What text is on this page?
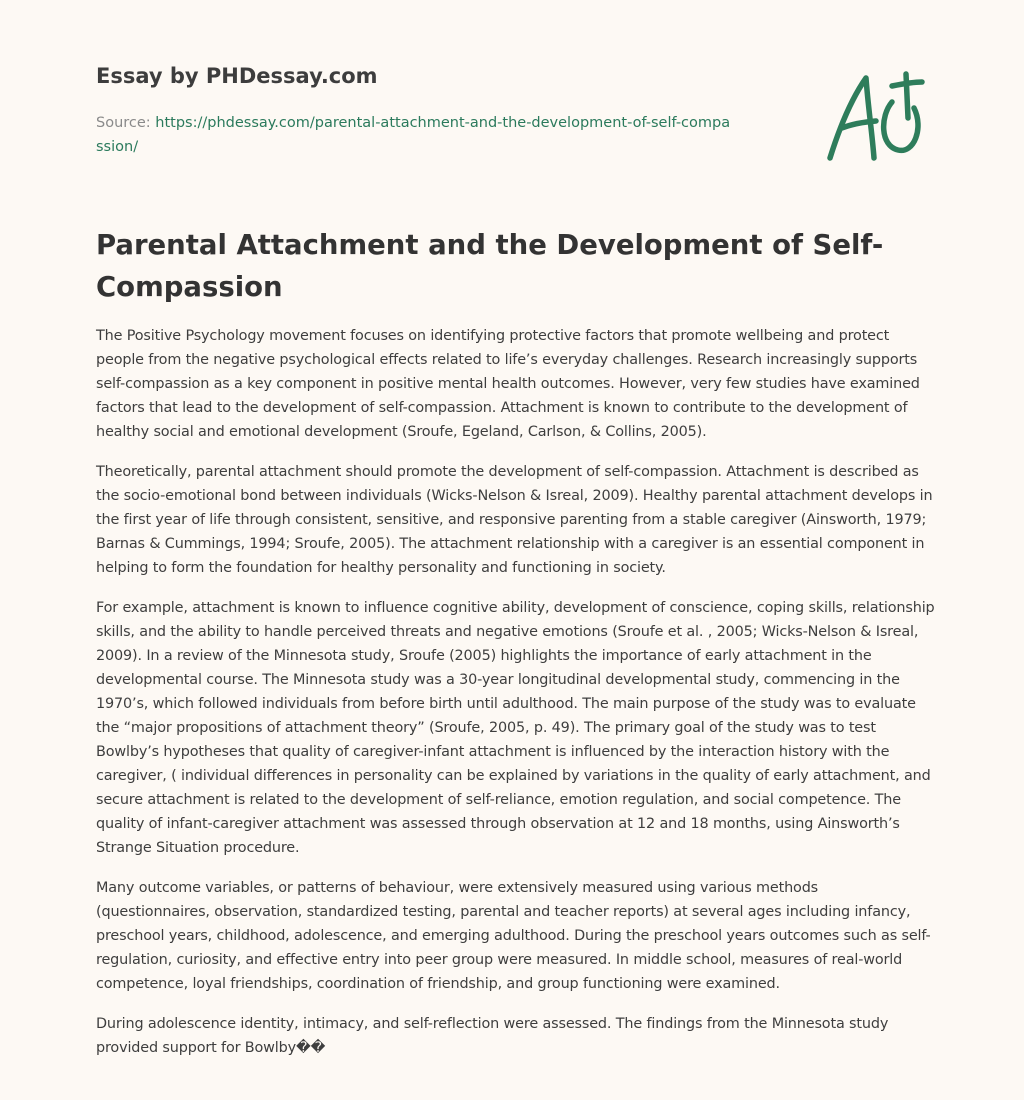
Essay by PHDessay.com
Source: https://phdessay.com/parental-attachment-and-the-development-of-self-compassion/
Parental Attachment and the Development of Self-Compassion

The Positive Psychology movement focuses on identifying protective factors that promote wellbeing and protect people from the negative psychological effects related to life’s everyday challenges. Research increasingly supports self-compassion as a key component in positive mental health outcomes. However, very few studies have examined factors that lead to the development of self-compassion. Attachment is known to contribute to the development of healthy social and emotional development (Sroufe, Egeland, Carlson, & Collins, 2005).

Theoretically, parental attachment should promote the development of self-compassion. Attachment is described as the socio-emotional bond between individuals (Wicks-Nelson & Isreal, 2009). Healthy parental attachment develops in the first year of life through consistent, sensitive, and responsive parenting from a stable caregiver (Ainsworth, 1979; Barnas & Cummings, 1994; Sroufe, 2005). The attachment relationship with a caregiver is an essential component in helping to form the foundation for healthy personality and functioning in society.

For example, attachment is known to influence cognitive ability, development of conscience, coping skills, relationship skills, and the ability to handle perceived threats and negative emotions (Sroufe et al. , 2005; Wicks-Nelson & Isreal, 2009). In a review of the Minnesota study, Sroufe (2005) highlights the importance of early attachment in the developmental course. The Minnesota study was a 30-year longitudinal developmental study, commencing in the 1970’s, which followed individuals from before birth until adulthood. The main purpose of the study was to evaluate the “major propositions of attachment theory” (Sroufe, 2005, p. 49). The primary goal of the study was to test Bowlby’s hypotheses that quality of caregiver-infant attachment is influenced by the interaction history with the caregiver, ( individual differences in personality can be explained by variations in the quality of early attachment, and secure attachment is related to the development of self-reliance, emotion regulation, and social competence. The quality of infant-caregiver attachment was assessed through observation at 12 and 18 months, using Ainsworth’s Strange Situation procedure.

Many outcome variables, or patterns of behaviour, were extensively measured using various methods (questionnaires, observation, standardized testing, parental and teacher reports) at several ages including infancy, preschool years, childhood, adolescence, and emerging adulthood. During the preschool years outcomes such as self-regulation, curiosity, and effective entry into peer group were measured. In middle school, measures of real-world competence, loyal friendships, coordination of friendship, and group functioning were examined.

During adolescence identity, intimacy, and self-reflection were assessed. The findings from the Minnesota study provided support for Bowlby��
